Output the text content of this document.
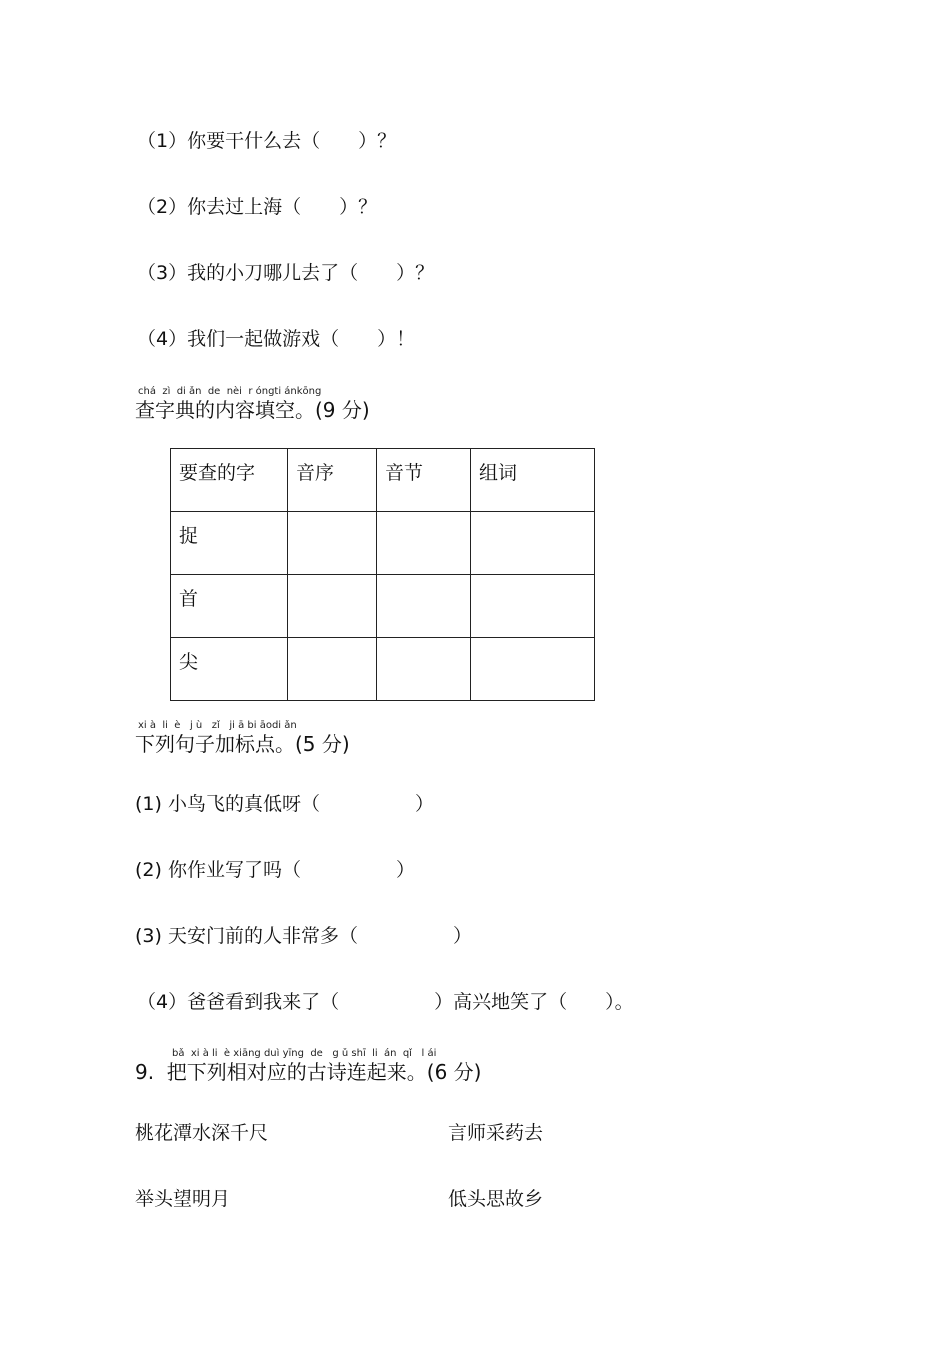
（1）你要干什么去（　　）？
（2）你去过上海（　　）？
（3）我的小刀哪儿去了（　　）？
（4）我们一起做游戏（　　）！
chá  zì  di ǎn  de  nèi  r óngti ánkōng
查字典的内容填空。(9 分)
要查的字	音序	音节	组词
捉			
首			
尖			
xi à  li  è   j ù   zǐ   ji ā bi āodi ǎn
下列句子加标点。(5 分)
(1) 小鸟飞的真低呀（　　　　　）
(2) 你作业写了吗（　　　　　）
(3) 天安门前的人非常多（　　　　　）
（4）爸爸看到我来了（　　　　　）高兴地笑了（　　）。
bǎ  xi à li  è xiāng duì yīng  de   g ǔ shī  li  án  qǐ   l ái
9.  把下列相对应的古诗连起来。(6 分)
桃花潭水深千尺	言师采药去
举头望明月	低头思故乡
